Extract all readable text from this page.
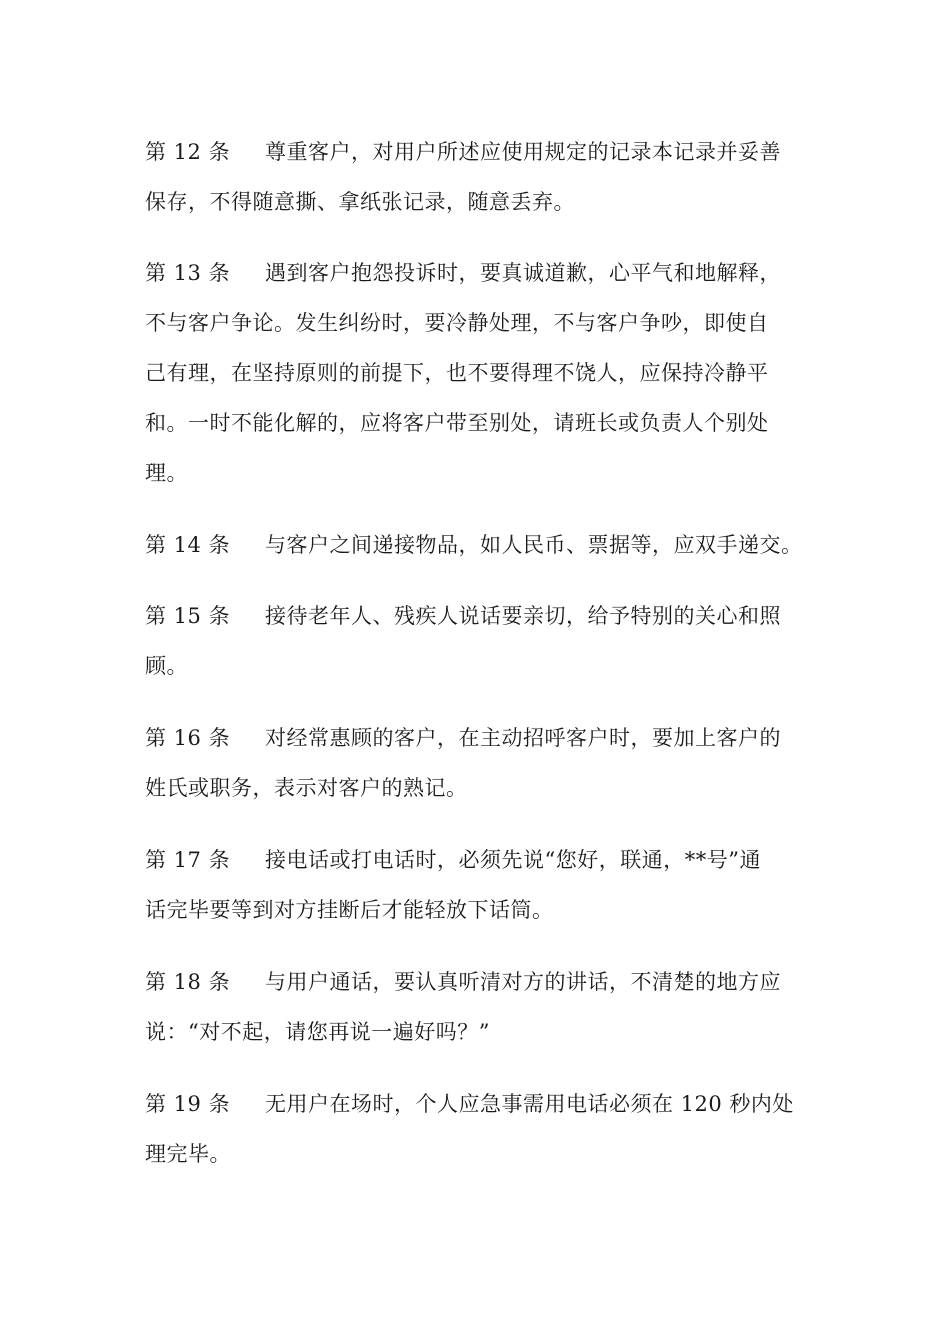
第 12 条 尊重客户，对用户所述应使用规定的记录本记录并妥善
保存，不得随意撕、拿纸张记录，随意丢弃。
第 13 条 遇到客户抱怨投诉时，要真诚道歉，心平气和地解释，
不与客户争论。发生纠纷时，要冷静处理，不与客户争吵，即使自
己有理，在坚持原则的前提下，也不要得理不饶人，应保持冷静平
和。一时不能化解的，应将客户带至别处，请班长或负责人个别处
理。
第 14 条 与客户之间递接物品，如人民币、票据等，应双手递交。
第 15 条 接待老年人、残疾人说话要亲切，给予特别的关心和照
顾。
第 16 条 对经常惠顾的客户，在主动招呼客户时，要加上客户的
姓氏或职务，表示对客户的熟记。
第 17 条 接电话或打电话时，必须先说“您好，联通，**号”通
话完毕要等到对方挂断后才能轻放下话筒。
第 18 条 与用户通话，要认真听清对方的讲话，不清楚的地方应
说：“对不起，请您再说一遍好吗？”
第 19 条 无用户在场时，个人应急事需用电话必须在 120 秒内处
理完毕。
